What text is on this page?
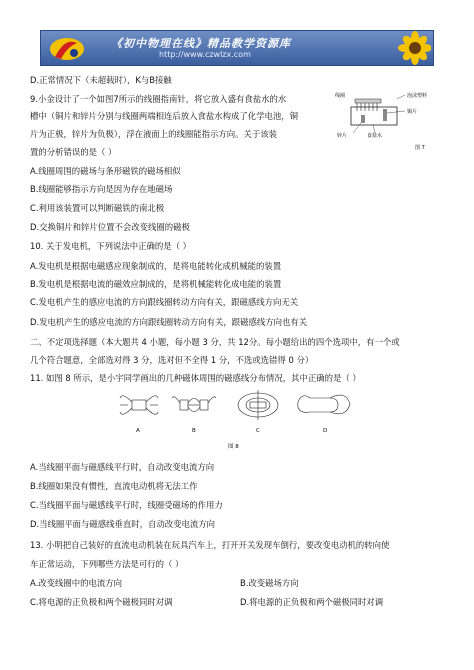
《初中物理在线》精品教学资源库
http://www.czwlzx.com
D.正常情况下（未超载时），K与B接触
9.小金设计了一个如图7所示的线圈指南针，将它放入盛有食盐水的水
槽中（铜片和锌片分别与线圈两端相连后放入食盐水构成了化学电池，铜
片为正极，锌片为负极），浮在液面上的线圈能指示方向。关于该装
置的分析错误的是（ ）
A.线圈周围的磁场与条形磁铁的磁场相似
B.线圈能够指示方向是因为存在地磁场
C.利用该装置可以判断磁铁的南北极
D.交换铜片和锌片位置不会改变线圈的磁极
10. 关于发电机，下列说法中正确的是（ ）
A.发电机是根据电磁感应现象制成的，是将电能转化成机械能的装置
B.发电机是根据电流的磁效应制成的，是将机械能转化成电能的装置
C.发电机产生的感应电流的方向跟线圈转动方向有关，跟磁感线方向无关
D.发电机产生的感应电流的方向跟线圈转动方向有关，跟磁感线方向也有关
二、不定项选择题（本大题共 4 小题，每小题 3 分，共 12分。每小题给出的四个选项中，有一个或
几个符合题意，全部选对得 3 分，选对但不全得 1 分，不选或选错得 0 分）
11. 如图 8 所示，是小宇同学画出的几种磁体周围的磁感线分布情况，其中正确的是（ ）
A.当线圈平面与磁感线平行时，自动改变电流方向
B.线圈如果没有惯性，直流电动机将无法工作
C.当线圈平面与磁感线平行时，线圈受磁场的作用力
D.当线圈平面与磁感线垂直时，自动改变电流方向
13. 小明把自己装好的直流电动机装在玩具汽车上，打开开关发现车倒行，要改变电动机的转向使
车正常运动，下列哪些方法是可行的（ ）
A.改变线圈中的电流方向	B.改变磁场方向
C.将电源的正负极和两个磁极同时对调	D.将电源的正负极和两个磁极同时对调
线圈	泡沫塑料
锌片
铜片
食盐水
图 7
A	B	C	D
图 8
